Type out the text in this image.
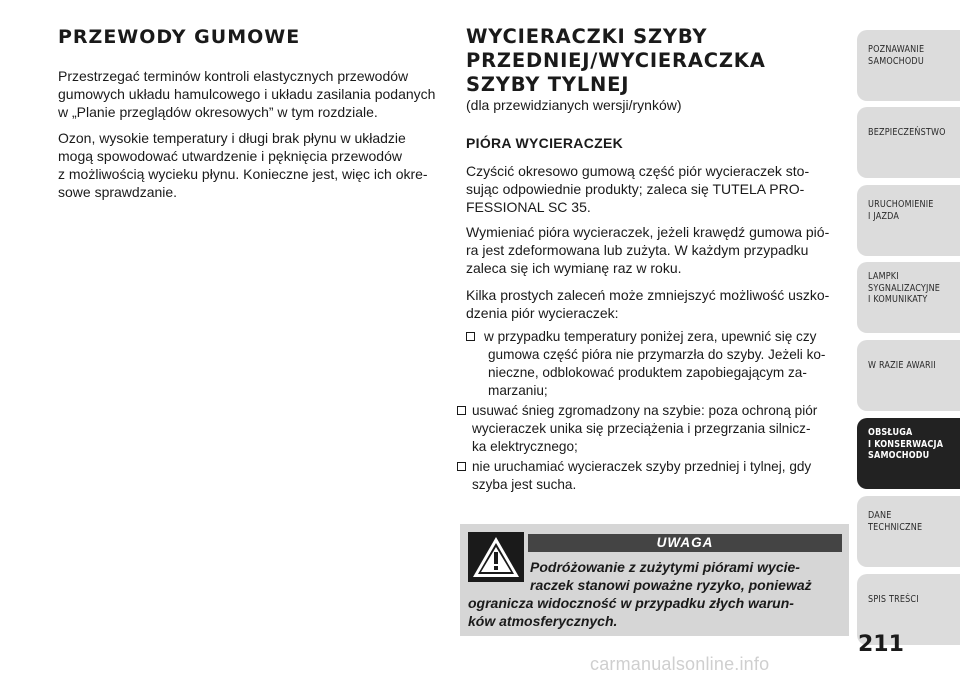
PRZEWODY GUMOWE

Przestrzegać terminów kontroli elastycznych przewodów
gumowych układu hamulcowego i układu zasilania podanych
w „Planie przeglądów okresowych” w tym rozdziale.

Ozon, wysokie temperatury i długi brak płynu w układzie
mogą spowodować utwardzenie i pęknięcia przewodów
z możliwością wycieku płynu. Konieczne jest, więc ich okre-
sowe sprawdzanie.

WYCIERACZKI SZYBY
PRZEDNIEJ/WYCIERACZKA
SZYBY TYLNEJ

(dla przewidzianych wersji/rynków)

PIÓRA WYCIERACZEK

Czyścić okresowo gumową część piór wycieraczek sto-
sując odpowiednie produkty; zaleca się TUTELA PRO-
FESSIONAL SC 35.

Wymieniać pióra wycieraczek, jeżeli krawędź gumowa pió-
ra jest zdeformowana lub zużyta. W każdym przypadku
zaleca się ich wymianę raz w roku.

Kilka prostych zaleceń może zmniejszyć możliwość uszko-
dzenia piór wycieraczek:

w przypadku temperatury poniżej zera, upewnić się czy
gumowa część pióra nie przymarzła do szyby. Jeżeli ko-
nieczne, odblokować produktem zapobiegającym za-
marzaniu;
usuwać śnieg zgromadzony na szybie: poza ochroną piór
wycieraczek unika się przeciążenia i przegrzania silnicz-
ka elektrycznego;
nie uruchamiać wycieraczek szyby przedniej i tylnej, gdy
szyba jest sucha.
UWAGA
Podróżowanie z zużytymi piórami wycie-
raczek stanowi poważne ryzyko, ponieważ
ogranicza widoczność w przypadku złych warun-
ków atmosferycznych.
POZNAWANIE
SAMOCHODU
BEZPIECZEŃSTWO
URUCHOMIENIE
I JAZDA
LAMPKI
SYGNALIZACYJNE
I KOMUNIKATY
W RAZIE AWARII
OBSŁUGA
I KONSERWACJA
SAMOCHODU
DANE
TECHNICZNE
SPIS TREŚCI
211
carmanualsonline.info
